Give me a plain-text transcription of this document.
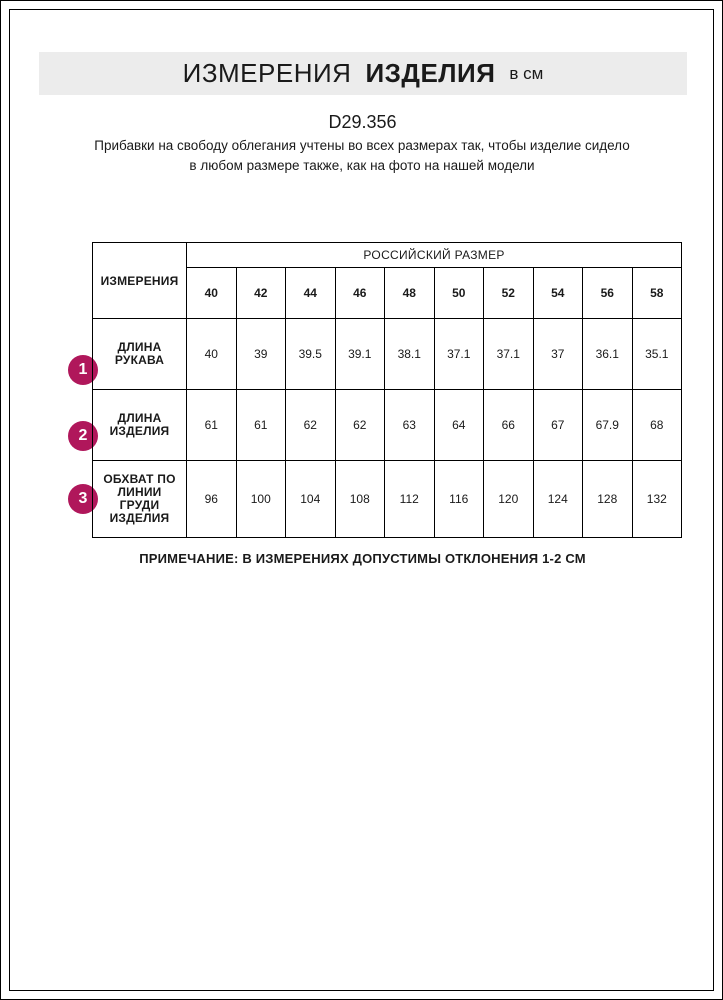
ИЗМЕРЕНИЯ ИЗДЕЛИЯ в см
D29.356
Прибавки на свободу облегания учтены во всех размерах так, чтобы изделие сидело в любом размере также, как на фото на нашей модели
1
2
3
ИЗМЕРЕНИЯ	РОССИЙСКИЙ РАЗМЕР									
	40	42	44	46	48	50	52	54	56	58
ДЛИНА РУКАВА	40	39	39.5	39.1	38.1	37.1	37.1	37	36.1	35.1
ДЛИНА ИЗДЕЛИЯ	61	61	62	62	63	64	66	67	67.9	68
ОБХВАТ ПО ЛИНИИ ГРУДИ ИЗДЕЛИЯ	96	100	104	108	112	116	120	124	128	132
ПРИМЕЧАНИЕ: В ИЗМЕРЕНИЯХ ДОПУСТИМЫ ОТКЛОНЕНИЯ 1-2 СМ
